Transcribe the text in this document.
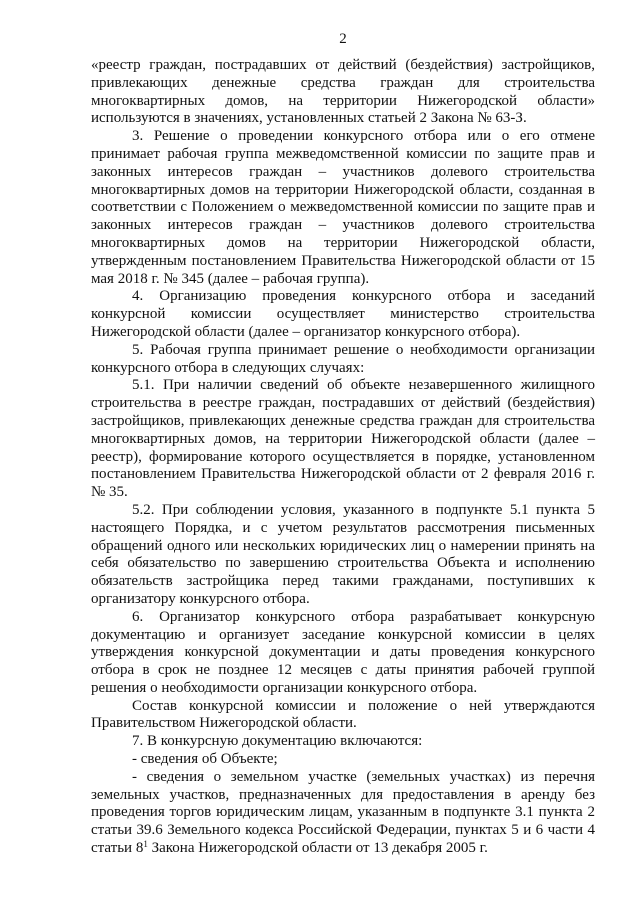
2

«реестр граждан, пострадавших от действий (бездействия) застройщиков, привлекающих денежные средства граждан для строительства многоквартирных домов, на территории Нижегородской области» используются в значениях, установленных статьей 2 Закона № 63-З.

3. Решение о проведении конкурсного отбора или о его отмене принимает рабочая группа межведомственной комиссии по защите прав и законных интересов граждан – участников долевого строительства многоквартирных домов на территории Нижегородской области, созданная в соответствии с Положением о межведомственной комиссии по защите прав и законных интересов граждан – участников долевого строительства многоквартирных домов на территории Нижегородской области, утвержденным постановлением Правительства Нижегородской области от 15 мая 2018 г. № 345 (далее – рабочая группа).

4. Организацию проведения конкурсного отбора и заседаний конкурсной комиссии осуществляет министерство строительства Нижегородской области (далее – организатор конкурсного отбора).

5. Рабочая группа принимает решение о необходимости организации конкурсного отбора в следующих случаях:

5.1. При наличии сведений об объекте незавершенного жилищного строительства в реестре граждан, пострадавших от действий (бездействия) застройщиков, привлекающих денежные средства граждан для строительства многоквартирных домов, на территории Нижегородской области (далее – реестр), формирование которого осуществляется в порядке, установленном постановлением Правительства Нижегородской области от 2 февраля 2016 г. № 35.

5.2. При соблюдении условия, указанного в подпункте 5.1 пункта 5 настоящего Порядка, и с учетом результатов рассмотрения письменных обращений одного или нескольких юридических лиц о намерении принять на себя обязательство по завершению строительства Объекта и исполнению обязательств застройщика перед такими гражданами, поступивших к организатору конкурсного отбора.

6. Организатор конкурсного отбора разрабатывает конкурсную документацию и организует заседание конкурсной комиссии в целях утверждения конкурсной документации и даты проведения конкурсного отбора в срок не позднее 12 месяцев с даты принятия рабочей группой решения о необходимости организации конкурсного отбора.

Состав конкурсной комиссии и положение о ней утверждаются Правительством Нижегородской области.

7. В конкурсную документацию включаются:

- сведения об Объекте;

- сведения о земельном участке (земельных участках) из перечня земельных участков, предназначенных для предоставления в аренду без проведения торгов юридическим лицам, указанным в подпункте 3.1 пункта 2 статьи 39.6 Земельного кодекса Российской Федерации, пунктах 5 и 6 части 4 статьи $8^1$ Закона Нижегородской области от 13 декабря 2005 г.
